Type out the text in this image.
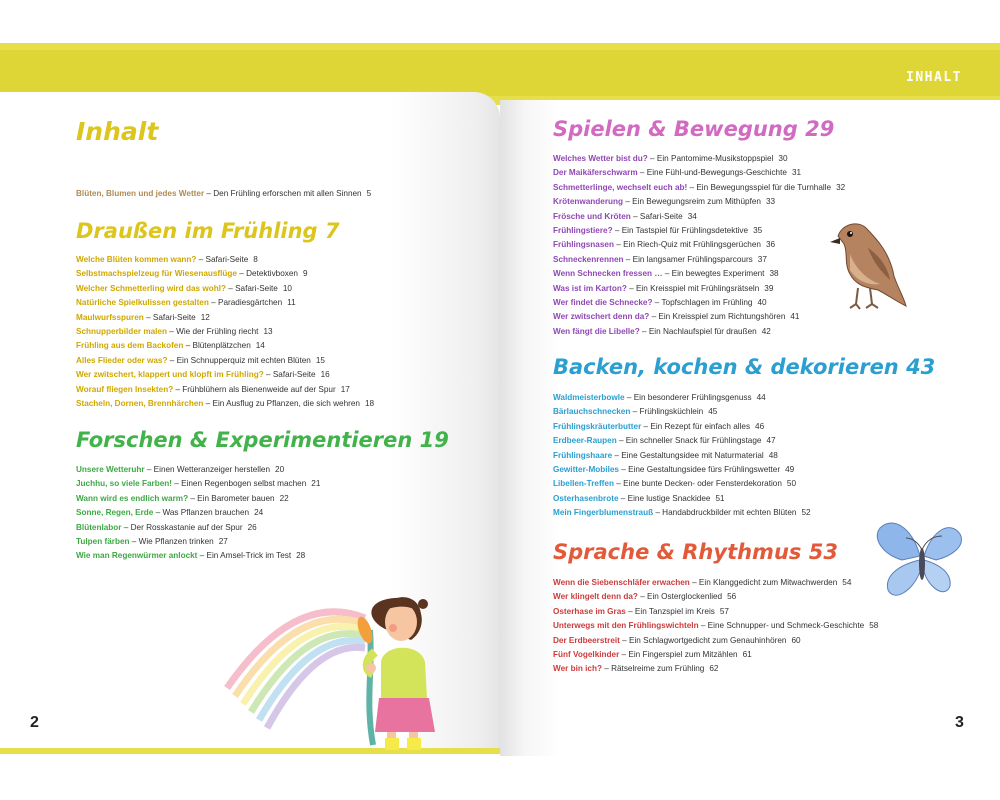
INHALT
Inhalt
Blüten, Blumen und jedes Wetter – Den Frühling erforschen mit allen Sinnen 5
Draußen im Frühling 7
Welche Blüten kommen wann? – Safari-Seite 8
Selbstmachspielzeug für Wiesenausflüge – Detektivboxen 9
Welcher Schmetterling wird das wohl? – Safari-Seite 10
Natürliche Spielkulissen gestalten – Paradiesgärtchen 11
Maulwurfsspuren – Safari-Seite 12
Schnupperbilder malen – Wie der Frühling riecht 13
Frühling aus dem Backofen – Blütenplätzchen 14
Alles Flieder oder was? – Ein Schnupperquiz mit echten Blüten 15
Wer zwitschert, klappert und klopft im Frühling? – Safari-Seite 16
Worauf fliegen Insekten? – Frühblühern als Bienenweide auf der Spur 17
Stacheln, Dornen, Brennhärchen – Ein Ausflug zu Pflanzen, die sich wehren 18
Forschen & Experimentieren 19
Unsere Wetteruhr – Einen Wetteranzeiger herstellen 20
Juchhu, so viele Farben! – Einen Regenbogen selbst machen 21
Wann wird es endlich warm? – Ein Barometer bauen 22
Sonne, Regen, Erde – Was Pflanzen brauchen 24
Blütenlabor – Der Rosskastanie auf der Spur 26
Tulpen färben – Wie Pflanzen trinken 27
Wie man Regenwürmer anlockt – Ein Amsel-Trick im Test 28
2
Spielen & Bewegung 29
Welches Wetter bist du? – Ein Pantomime-Musikstoppspiel 30
Der Maikäferschwarm – Eine Fühl-und-Bewegungs-Geschichte 31
Schmetterlinge, wechselt euch ab! – Ein Bewegungsspiel für die Turnhalle 32
Krötenwanderung – Ein Bewegungsreim zum Mithüpfen 33
Frösche und Kröten – Safari-Seite 34
Frühlingstiere? – Ein Tastspiel für Frühlingsdetektive 35
Frühlingsnasen – Ein Riech-Quiz mit Frühlingsgerüchen 36
Schneckenrennen – Ein langsamer Frühlingsparcours 37
Wenn Schnecken fressen … – Ein bewegtes Experiment 38
Was ist im Karton? – Ein Kreisspiel mit Frühlingsrätseln 39
Wer findet die Schnecke? – Topfschlagen im Frühling 40
Wer zwitschert denn da? – Ein Kreisspiel zum Richtungshören 41
Wen fängt die Libelle? – Ein Nachlaufspiel für draußen 42
Backen, kochen & dekorieren 43
Waldmeisterbowle – Ein besonderer Frühlingsgenuss 44
Bärlauchschnecken – Frühlingsküchlein 45
Frühlingskräuterbutter – Ein Rezept für einfach alles 46
Erdbeer-Raupen – Ein schneller Snack für Frühlingstage 47
Frühlingshaare – Eine Gestaltungsidee mit Naturmaterial 48
Gewitter-Mobiles – Eine Gestaltungsidee fürs Frühlingswetter 49
Libellen-Treffen – Eine bunte Decken- oder Fensterdekoration 50
Osterhasenbrote – Eine lustige Snackidee 51
Mein Fingerblumenstrauß – Handabdruckbilder mit echten Blüten 52
Sprache & Rhythmus 53
Wenn die Siebenschläfer erwachen – Ein Klanggedicht zum Mitwachwerden 54
Wer klingelt denn da? – Ein Osterglockenlied 56
Osterhase im Gras – Ein Tanzspiel im Kreis 57
Unterwegs mit den Frühlingswichteln – Eine Schnupper- und Schmeck-Geschichte 58
Der Erdbeerstreit – Ein Schlagwortgedicht zum Genauhinhören 60
Fünf Vogelkinder – Ein Fingerspiel zum Mitzählen 61
Wer bin ich? – Rätselreime zum Frühling 62
3
